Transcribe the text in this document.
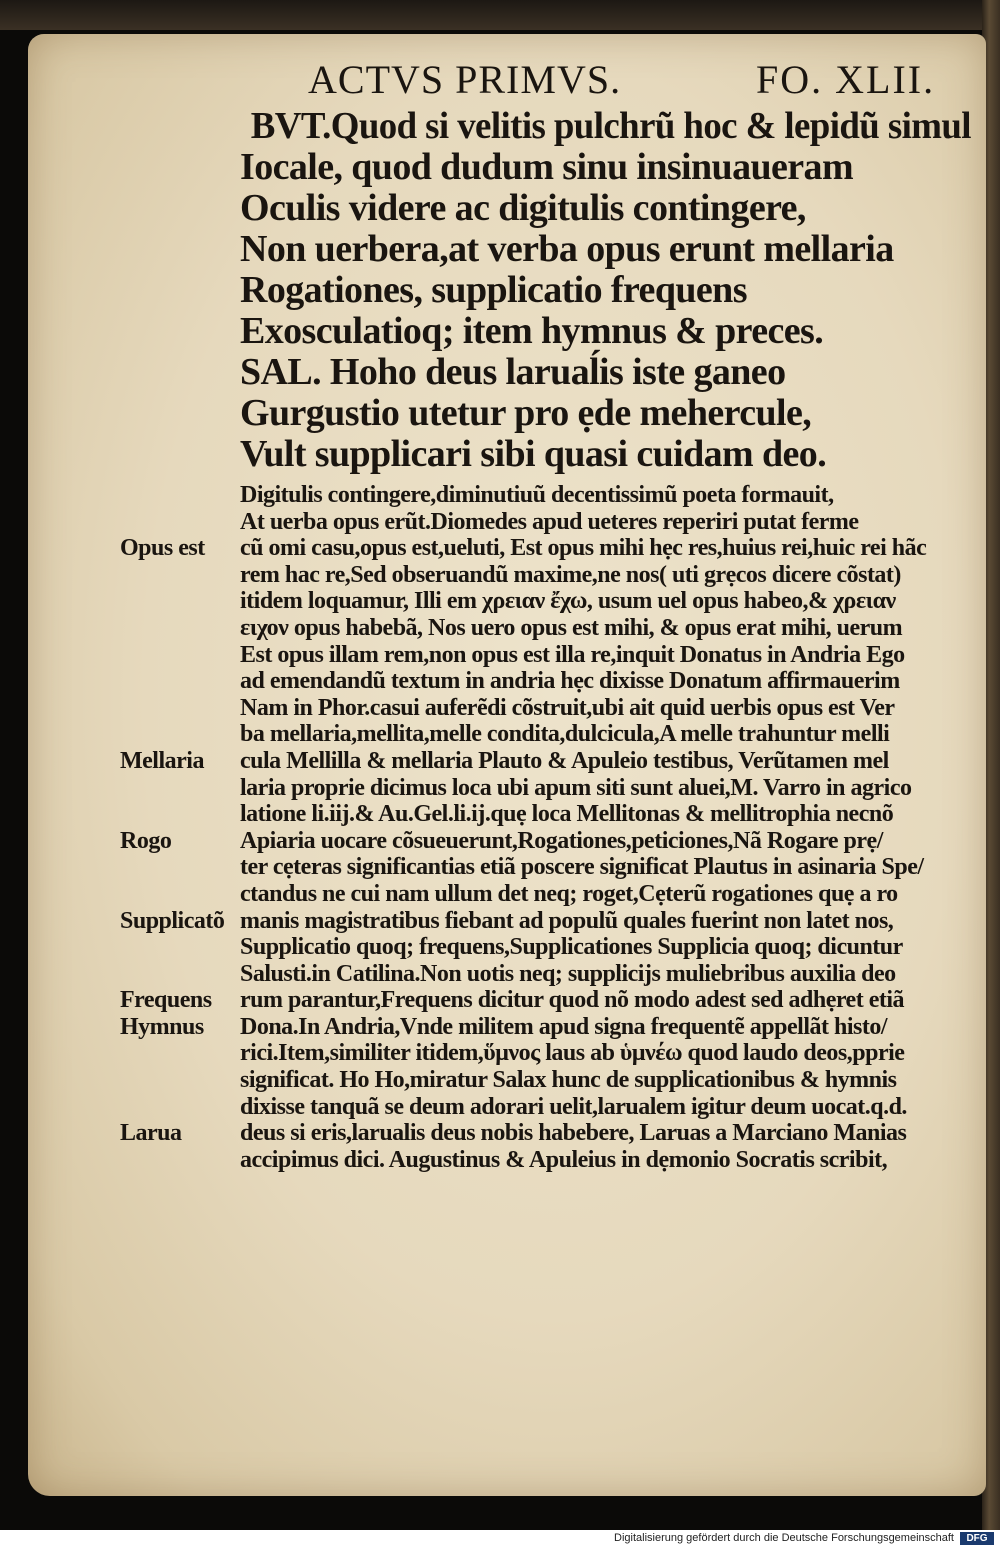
ACTVS PRIMVS.	FO. XLII.
BVT.Quod si velitis pulchrũ hoc & lepidũ simul
Iocale, quod dudum sinu insinuaueram
Oculis videre ac digitulis contingere,
Non uerbera,at verba opus erunt mellaria
Rogationes, supplicatio frequens
Exosculatioq; item hymnus & preces.
SAL. Hoho deus laruaĺis iste ganeo
Gurgustio utetur pro ẹde mehercule,
Vult supplicari sibi quasi cuidam deo.
Digitulis contingere,diminutiuũ decentissimũ poeta formauit,
At uerba opus erũt.Diomedes apud ueteres reperiri putat ferme
cũ omi casu,opus est,ueluti, Est opus mihi hẹc res,huius rei,huic rei hãc
rem hac re,Sed obseruandũ maxime,ne nos( uti grẹcos dicere cõstat)
itidem loquamur, Illi em χρειαν ἔχω, usum uel opus habeo,& χρειαν
ειχον opus habebã, Nos uero opus est mihi, & opus erat mihi, uerum
Est opus illam rem,non opus est illa re,inquit Donatus in Andria Ego
ad emendandũ textum in andria hẹc dixisse Donatum affirmauerim
Nam in Phor.casui auferẽdi cõstruit,ubi ait quid uerbis opus est Ver
ba mellaria,mellita,melle condita,dulcicula,A melle trahuntur melli
cula Mellilla & mellaria Plauto & Apuleio testibus, Verũtamen mel
laria proprie dicimus loca ubi apum siti sunt aluei,M. Varro in agrico
latione li.iij.& Au.Gel.li.ij.quẹ loca Mellitonas & mellitrophia necnõ
Apiaria uocare cõsueuerunt,Rogationes,peticiones,Nã Rogare prẹ/
ter cẹteras significantias etiã poscere significat Plautus in asinaria Spe/
ctandus ne cui nam ullum det neq; roget,Cẹterũ rogationes quẹ a ro
manis magistratibus fiebant ad populũ quales fuerint non latet nos,
Supplicatio quoq; frequens,Supplicationes Supplicia quoq; dicuntur
Salusti.in Catilina.Non uotis neq; supplicijs muliebribus auxilia deo
rum parantur,Frequens dicitur quod nõ modo adest sed adhẹret etiã
Dona.In Andria,Vnde militem apud signa frequentẽ appellãt histo/
rici.Item,similiter itidem,ὕμνος laus ab ὑμνέω quod laudo deos,pprie
significat. Ho Ho,miratur Salax hunc de supplicationibus & hymnis
dixisse tanquã se deum adorari uelit,larualem igitur deum uocat.q.d.
deus si eris,larualis deus nobis habebere, Laruas a Marciano Manias
accipimus dici. Augustinus & Apuleius in dẹmonio Socratis scribit,
Opus est
Mellaria
Rogo
Supplicatõ
Frequens
Hymnus
Larua
Digitalisierung gefördert durch die Deutsche Forschungsgemeinschaft	DFG
